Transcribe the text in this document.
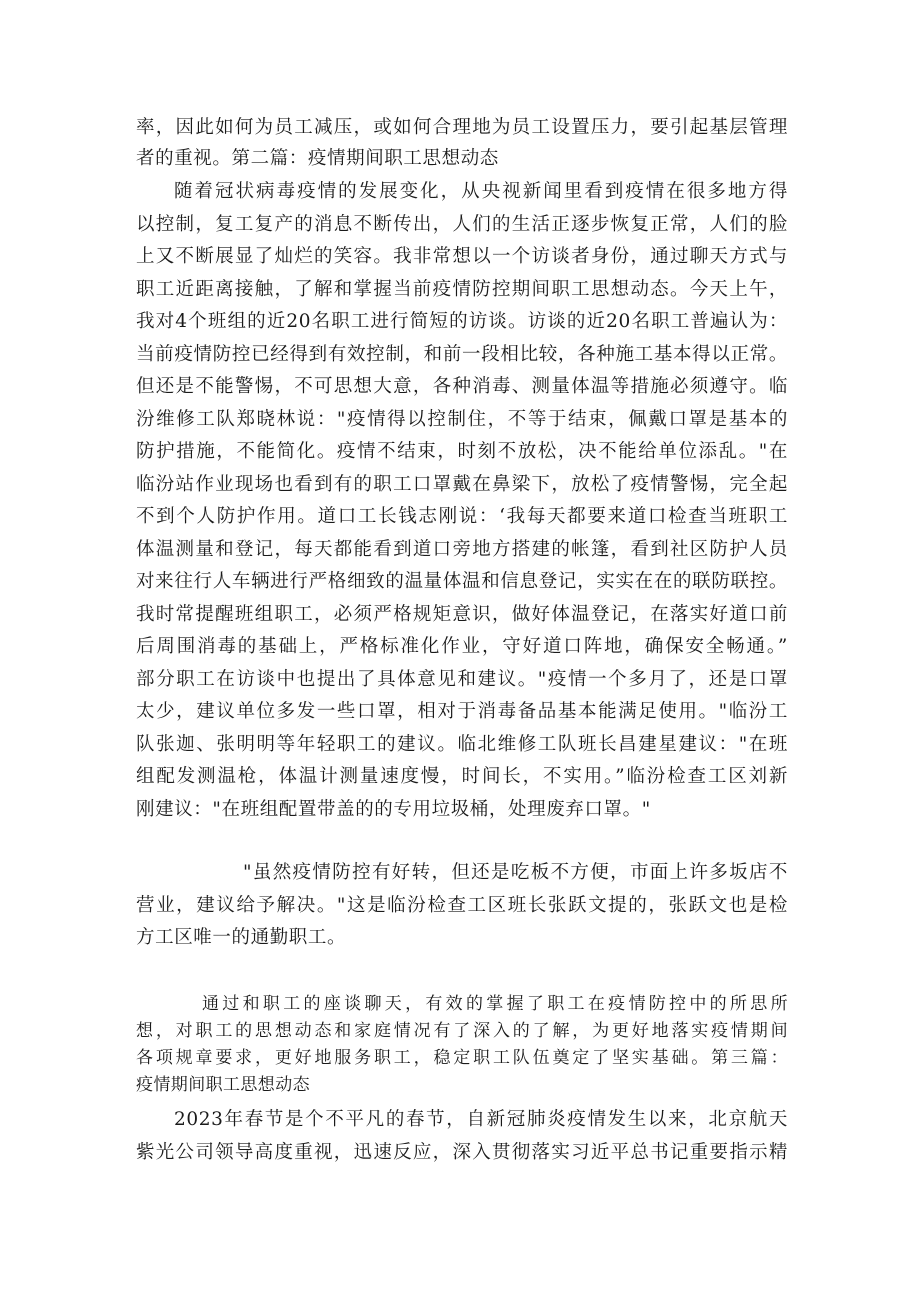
率，因此如何为员工减压，或如何合理地为员工设置压力，要引起基层管理
者的重视。第二篇：疫情期间职工思想动态
随着冠状病毒疫情的发展变化，从央视新闻里看到疫情在很多地方得
以控制，复工复产的消息不断传出，人们的生活正逐步恢复正常，人们的脸
上又不断展显了灿烂的笑容。我非常想以一个访谈者身份，通过聊天方式与
职工近距离接触，了解和掌握当前疫情防控期间职工思想动态。今天上午，
我对4个班组的近20名职工进行简短的访谈。访谈的近20名职工普遍认为：
当前疫情防控已经得到有效控制，和前一段相比较，各种施工基本得以正常。
但还是不能警惕，不可思想大意，各种消毒、测量体温等措施必须遵守。临
汾维修工队郑晓林说："疫情得以控制住，不等于结束，佩戴口罩是基本的
防护措施，不能简化。疫情不结束，时刻不放松，决不能给单位添乱。"在
临汾站作业现场也看到有的职工口罩戴在鼻梁下，放松了疫情警惕，完全起
不到个人防护作用。道口工长钱志刚说：‘我每天都要来道口检查当班职工
体温测量和登记，每天都能看到道口旁地方搭建的帐篷，看到社区防护人员
对来往行人车辆进行严格细致的温量体温和信息登记，实实在在的联防联控。
我时常提醒班组职工，必须严格规矩意识，做好体温登记，在落实好道口前
后周围消毒的基础上，严格标准化作业，守好道口阵地，确保安全畅通。”
部分职工在访谈中也提出了具体意见和建议。"疫情一个多月了，还是口罩
太少，建议单位多发一些口罩，相对于消毒备品基本能满足使用。"临汾工
队张迦、张明明等年轻职工的建议。临北维修工队班长昌建星建议："在班
组配发测温枪，体温计测量速度慢，时间长，不实用。”临汾检查工区刘新
刚建议："在班组配置带盖的的专用垃圾桶，处理废弃口罩。"
"虽然疫情防控有好转，但还是吃板不方便，市面上许多坂店不
营业，建议给予解决。"这是临汾检查工区班长张跃文提的，张跃文也是检
方工区唯一的通勤职工。
通过和职工的座谈聊天，有效的掌握了职工在疫情防控中的所思所
想，对职工的思想动态和家庭情况有了深入的了解，为更好地落实疫情期间
各项规章要求，更好地服务职工，稳定职工队伍奠定了坚实基础。第三篇：
疫情期间职工思想动态
2023年春节是个不平凡的春节，自新冠肺炎疫情发生以来，北京航天
紫光公司领导高度重视，迅速反应，深入贯彻落实习近平总书记重要指示精
